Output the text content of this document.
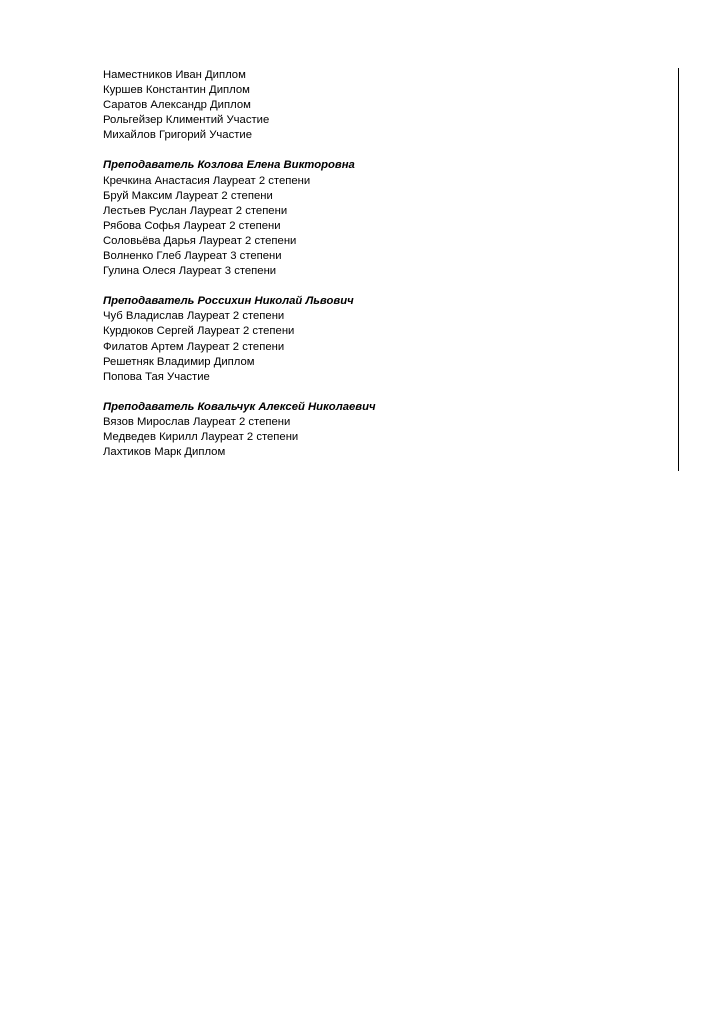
Наместников Иван Диплом
Куршев Константин Диплом
Саратов Александр Диплом
Рольгейзер Климентий Участие
Михайлов Григорий Участие
Преподаватель Козлова Елена Викторовна
Кречкина Анастасия Лауреат 2 степени
Бруй Максим Лауреат 2 степени
Лестьев Руслан Лауреат 2 степени
Рябова Софья Лауреат 2 степени
Соловьёва Дарья Лауреат 2 степени
Волненко Глеб Лауреат 3 степени
Гулина Олеся Лауреат 3 степени
Преподаватель Россихин Николай Львович
Чуб Владислав Лауреат 2 степени
Курдюков Сергей Лауреат 2 степени
Филатов Артем Лауреат 2 степени
Решетняк Владимир Диплом
Попова Тая Участие
Преподаватель Ковальчук Алексей Николаевич
Вязов Мирослав Лауреат 2 степени
Медведев Кирилл Лауреат 2 степени
Лахтиков Марк Диплом
